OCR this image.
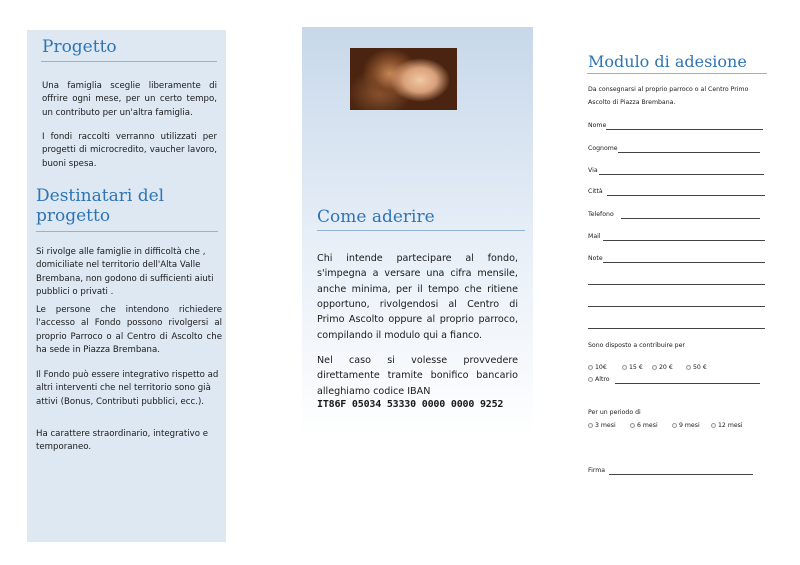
Progetto
Una famiglia sceglie liberamente di offrire ogni mese, per un certo tempo, un contributo per un'altra famiglia.
I fondi raccolti verranno utilizzati per progetti di microcredito, vaucher lavoro, buoni spesa.
Destinatari del
progetto
Si rivolge alle famiglie in difficoltà che , domiciliate nel territorio dell'Alta Valle Brembana, non godono di sufficienti aiuti pubblici o privati .
Le persone che intendono richiedere l'accesso al Fondo possono rivolgersi al proprio Parroco o al Centro di Ascolto che ha sede in Piazza Brembana.
Il Fondo può essere integrativo rispetto ad altri interventi che nel territorio sono già attivi (Bonus, Contributi pubblici, ecc.).
Ha carattere straordinario, integrativo e temporaneo.
Come aderire
Chi intende partecipare al fondo, s'impegna a versare una cifra mensile, anche minima, per il tempo che ritiene opportuno, rivolgendosi al Centro di Primo Ascolto oppure al proprio parroco, compilando il modulo qui a fianco.
Nel caso si volesse provvedere direttamente tramite bonifico bancario alleghiamo codice IBAN
IT86F 05034 53330 0000 0000 9252
Modulo di adesione
Da consegnarsi al proprio parroco o al Centro Primo
Ascolto di Piazza Brembana.
Nome
Cognome
Via
Città
Telefono
Mail
Note
Sono disposto a contribuire per
10€	15 €	20 €	50 €
Altro
Per un periodo di
3 mesi	6 mesi	9 mesi	12 mesi
Firma
